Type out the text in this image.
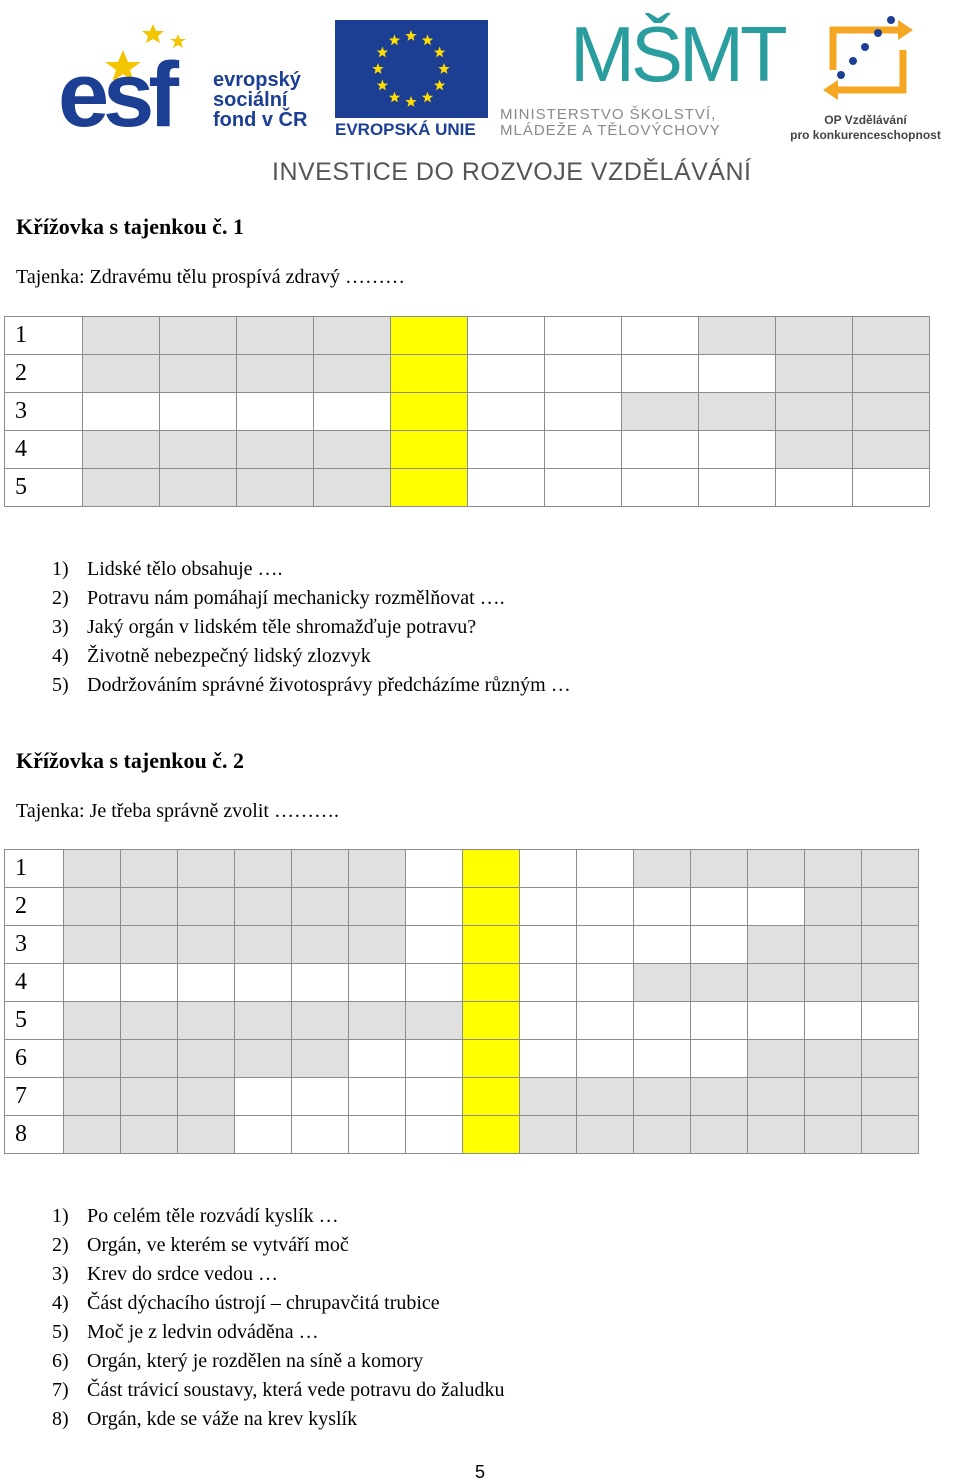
esf evropský
sociální
fond v ČR EVROPSKÁ UNIE
MŠMT
MINISTERSTVO ŠKOLSTVÍ,
MLÁDEŽE A TĚLOVÝCHOVY
OP Vzdělávání
pro konkurenceschopnost
INVESTICE DO ROZVOJE VZDĚLÁVÁNÍ
Křížovka s tajenkou č. 1
Tajenka: Zdravému tělu prospívá zdravý ………
1											
2											
3											
4											
5											
1) Lidské tělo obsahuje ….
2) Potravu nám pomáhají mechanicky rozmělňovat ….
3) Jaký orgán v lidském těle shromažďuje potravu?
4) Životně nebezpečný lidský zlozvyk
5) Dodržováním správné životosprávy předcházíme různým …
Křížovka s tajenkou č. 2
Tajenka: Je třeba správně zvolit ……….
1															
2															
3															
4															
5															
6															
7															
8															
1) Po celém těle rozvádí kyslík …
2) Orgán, ve kterém se vytváří moč
3) Krev do srdce vedou …
4) Část dýchacího ústrojí – chrupavčitá trubice
5) Moč je z ledvin odváděna …
6) Orgán, který je rozdělen na síně a komory
7) Část trávicí soustavy, která vede potravu do žaludku
8) Orgán, kde se váže na krev kyslík
5
